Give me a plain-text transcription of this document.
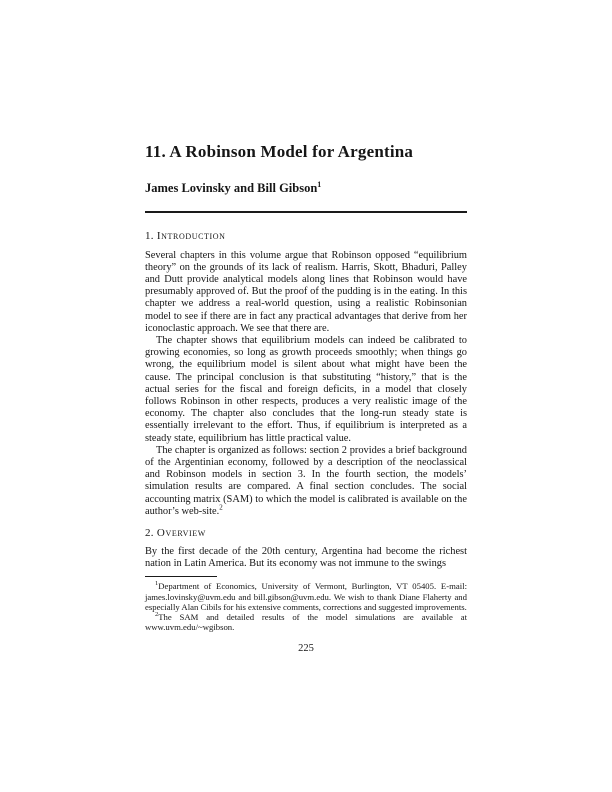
11. A Robinson Model for Argentina
James Lovinsky and Bill Gibson$^1$
1. Introduction

Several chapters in this volume argue that Robinson opposed “equilibrium theory” on the grounds of its lack of realism. Harris, Skott, Bhaduri, Palley and Dutt provide analytical models along lines that Robinson would have presumably approved of. But the proof of the pudding is in the eating. In this chapter we address a real-world question, using a realistic Robinsonian model to see if there are in fact any practical advantages that derive from her iconoclastic approach. We see that there are.

The chapter shows that equilibrium models can indeed be calibrated to growing economies, so long as growth proceeds smoothly; when things go wrong, the equilibrium model is silent about what might have been the cause. The principal conclusion is that substituting “history,” that is the actual series for the fiscal and foreign deficits, in a model that closely follows Robinson in other respects, produces a very realistic image of the economy. The chapter also concludes that the long-run steady state is essentially irrelevant to the effort. Thus, if equilibrium is interpreted as a steady state, equilibrium has little practical value.

The chapter is organized as follows: section 2 provides a brief background of the Argentinian economy, followed by a description of the neoclassical and Robinson models in section 3. In the fourth section, the models’ simulation results are compared. A final section concludes. The social accounting matrix (SAM) to which the model is calibrated is available on the author’s web-site.$^2$

2. Overview

By the first decade of the 20th century, Argentina had become the richest nation in Latin America. But its economy was not immune to the swings

$^1$Department of Economics, University of Vermont, Burlington, VT 05405. E-mail: james.lovinsky@uvm.edu and bill.gibson@uvm.edu. We wish to thank Diane Flaherty and especially Alan Cibils for his extensive comments, corrections and suggested improvements.

$^2$The SAM and detailed results of the model simulations are available at www.uvm.edu/~wgibson.

225
